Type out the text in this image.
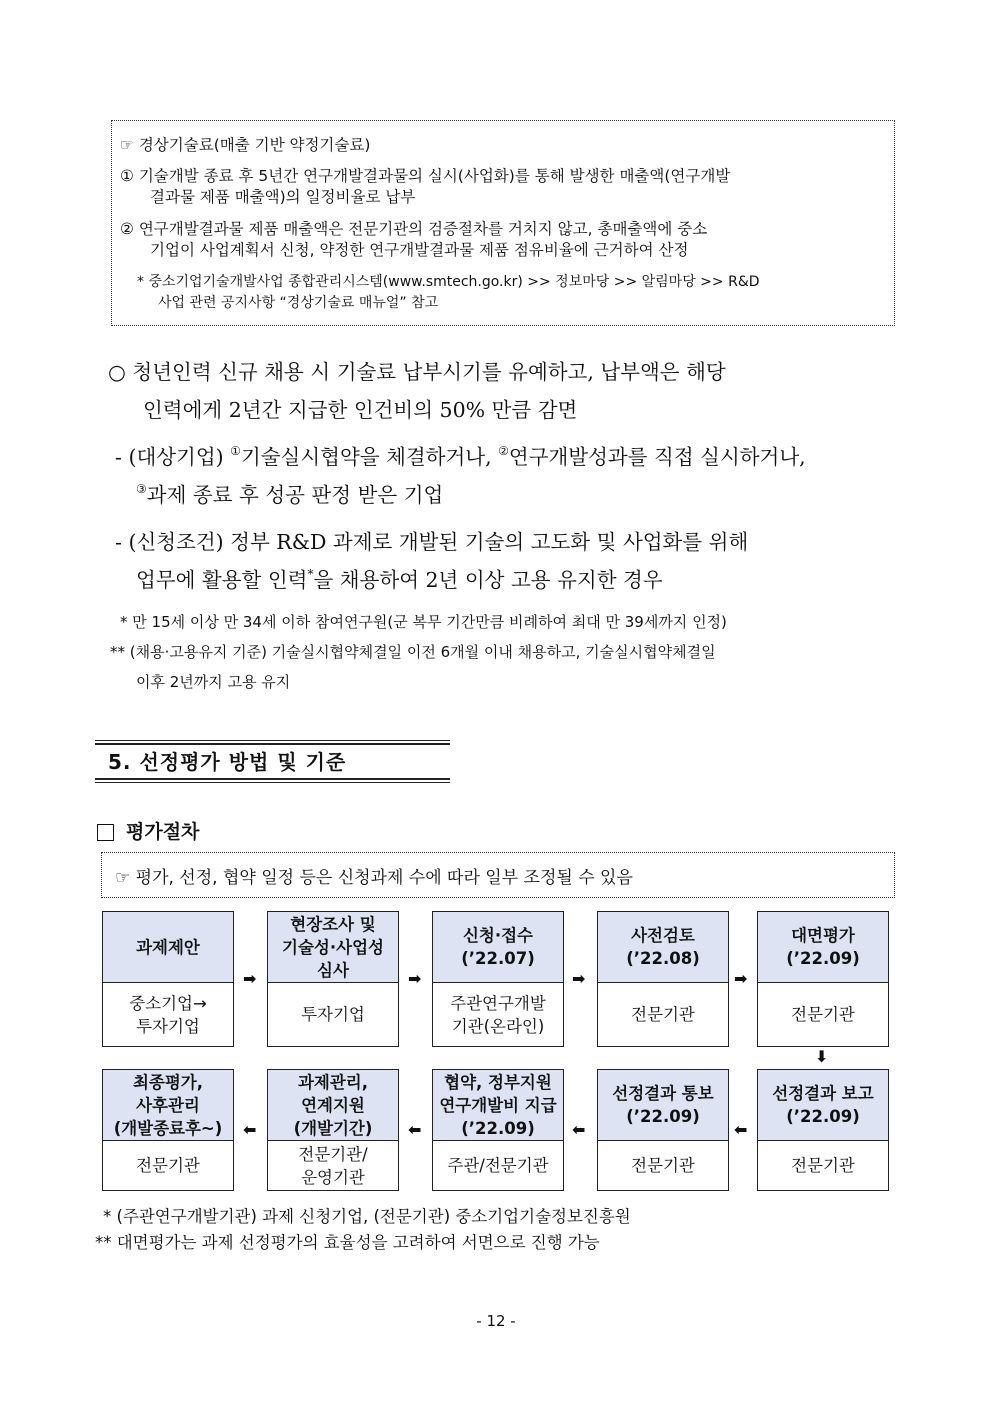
☞ 경상기술료(매출 기반 약정기술료)
① 기술개발 종료 후 5년간 연구개발결과물의 실시(사업화)를 통해 발생한 매출액(연구개발
결과물 제품 매출액)의 일정비율로 납부
② 연구개발결과물 제품 매출액은 전문기관의 검증절차를 거치지 않고, 총매출액에 중소
기업이 사업계획서 신청, 약정한 연구개발결과물 제품 점유비율에 근거하여 산정
* 중소기업기술개발사업 종합관리시스템(www.smtech.go.kr) >> 정보마당 >> 알림마당 >> R&D
사업 관련 공지사항 “경상기술료 매뉴얼” 참고
○ 청년인력 신규 채용 시 기술료 납부시기를 유예하고, 납부액은 해당
인력에게 2년간 지급한 인건비의 50% 만큼 감면
- (대상기업) ①기술실시협약을 체결하거나, ②연구개발성과를 직접 실시하거나,
③과제 종료 후 성공 판정 받은 기업
- (신청조건) 정부 R&D 과제로 개발된 기술의 고도화 및 사업화를 위해
업무에 활용할 인력*을 채용하여 2년 이상 고용 유지한 경우
* 만 15세 이상 만 34세 이하 참여연구원(군 복무 기간만큼 비례하여 최대 만 39세까지 인정)
** (채용·고용유지 기준) 기술실시협약체결일 이전 6개월 이내 채용하고, 기술실시협약체결일
이후 2년까지 고용 유지
5. 선정평가 방법 및 기준
평가절차
☞ 평가, 선정, 협약 일정 등은 신청과제 수에 따라 일부 조정될 수 있음
과제제안
중소기업→
투자기업
현장조사 및
기술성·사업성
심사
투자기업
신청·접수
(’22.07)
주관연구개발
기관(온라인)
사전검토
(’22.08)
전문기관
대면평가
(’22.09)
전문기관
최종평가,
사후관리
(개발종료후~)
전문기관
과제관리,
연계지원
(개발기간)
전문기관/
운영기관
협약, 정부지원
연구개발비 지급
(’22.09)
주관/전문기관
선정결과 통보
(’22.09)
전문기관
선정결과 보고
(’22.09)
전문기관
➡	➡	➡	➡
⬇
⬅	⬅	⬅	⬅
* (주관연구개발기관) 과제 신청기업, (전문기관) 중소기업기술정보진흥원
** 대면평가는 과제 선정평가의 효율성을 고려하여 서면으로 진행 가능
- 12 -
